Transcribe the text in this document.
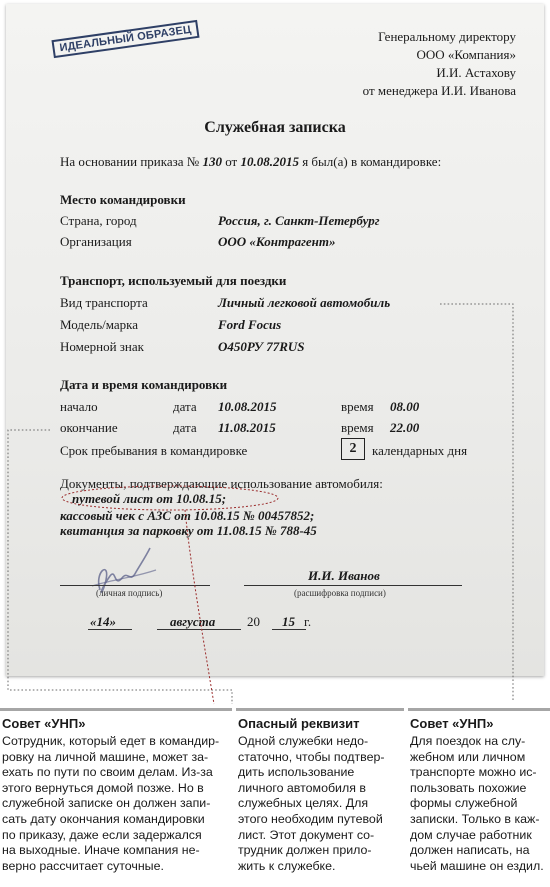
ИДЕАЛЬНЫЙ ОБРАЗЕЦ	Генеральному директору
ООО «Компания»
И.И. Астахову
от менеджера И.И. Иванова
Служебная записка
На основании приказа № 130 от 10.08.2015 я был(а) в командировке:
Место командировки
Страна, город	Россия, г. Санкт-Петербург
Организация	ООО «Контрагент»
Транспорт, используемый для поездки
Вид транспорта	Личный легковой автомобиль
Модель/марка	Ford Focus
Номерной знак	О450РУ 77RUS
Дата и время командировки
начало	дата 10.08.2015	время 08.00
окончание	дата 11.08.2015	время 22.00
Срок пребывания в командировке	2	календарных дня
Документы, подтверждающие использование автомобиля:
путевой лист от 10.08.15;
кассовый чек с АЗС от 10.08.15 № 00457852;
квитанция за парковку от 11.08.15 № 788-45
И.И. Иванов
(личная подпись)	(расшифровка подписи)
«14»	августа 20 15 г.
Совет «УНП»
Сотрудник, который едет в командир-
ровку на личной машине, может за-
ехать по пути по своим делам. Из-за
этого вернуться домой позже. Но в
служебной записке он должен запи-
сать дату окончания командировки
по приказу, даже если задержался
на выходные. Иначе компания не-
верно рассчитает суточные.
Опасный реквизит
Одной служебки недо-
статочно, чтобы подтвер-
дить использование
личного автомобиля в
служебных целях. Для
этого необходим путевой
лист. Этот документ со-
трудник должен прило-
жить к служебке.
Совет «УНП»
Для поездок на слу-
жебном или личном
транспорте можно ис-
пользовать похожие
формы служебной
записки. Только в каж-
дом случае работник
должен написать, на
чьей машине он ездил.
